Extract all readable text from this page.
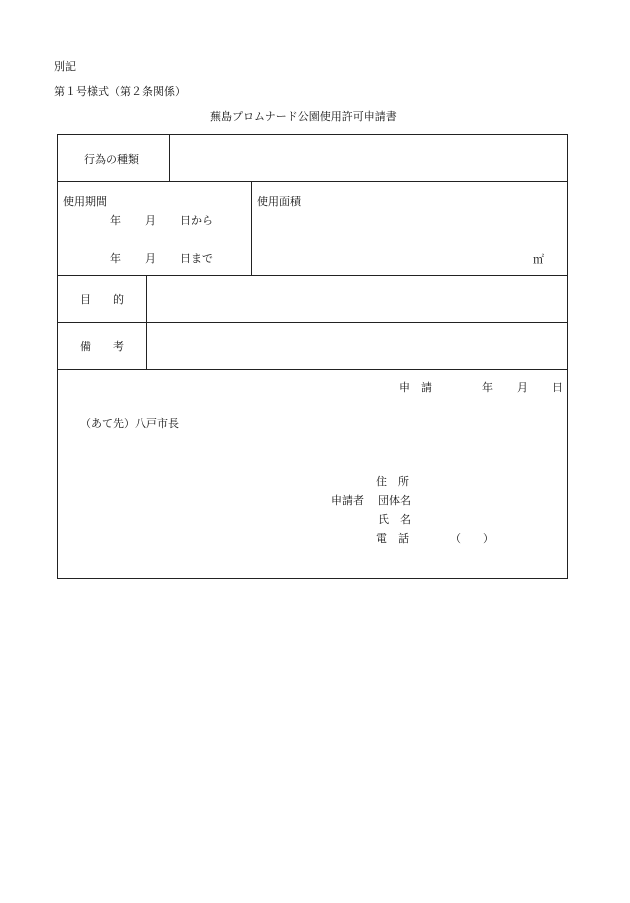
別記
第１号様式（第２条関係）
蕪島プロムナード公園使用許可申請書
行為の種類
使用期間
年 月 日から
年 月 日まで
使用面積
㎡
目　　的
備　　考
申　請	年 月 日
（あて先）八戸市長
住　所
申請者 団体名
氏　名
電　話	（　　）
